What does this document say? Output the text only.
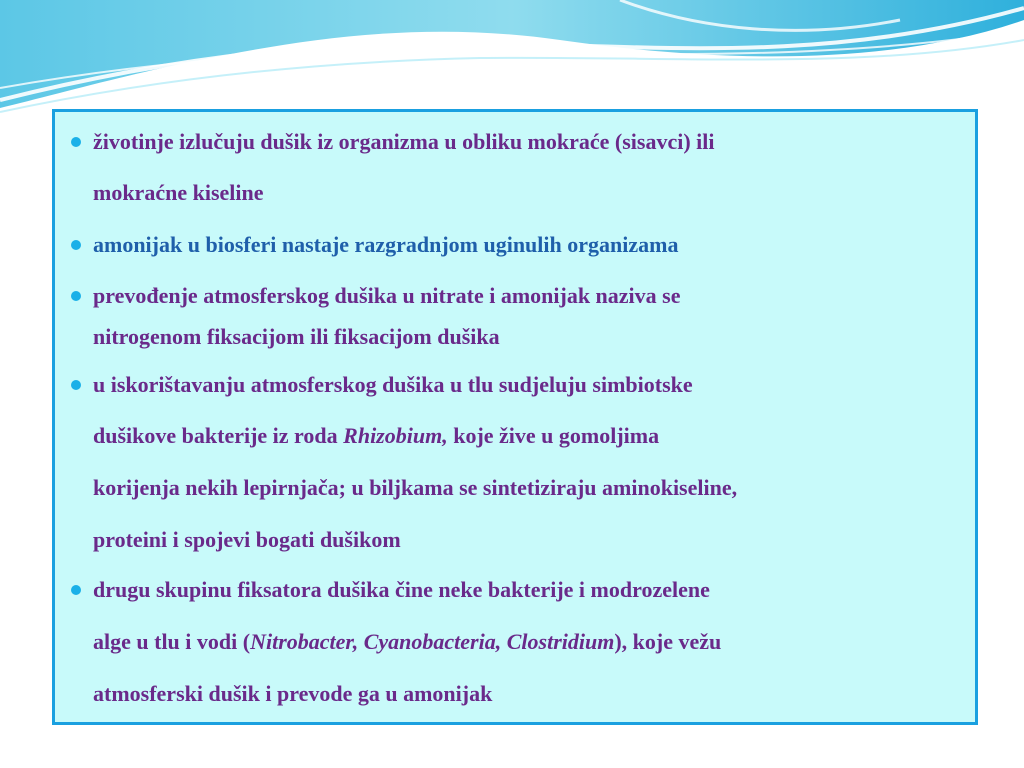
životinje izlučuju dušik iz organizma u obliku mokraće (sisavci) ili
mokraćne kiseline
amonijak u biosferi nastaje razgradnjom uginulih organizama
prevođenje atmosferskog dušika u nitrate i amonijak naziva se
nitrogenom fiksacijom ili fiksacijom dušika
u iskorištavanju atmosferskog dušika u tlu sudjeluju simbiotske
dušikove bakterije iz roda Rhizobium, koje žive u gomoljima
korijenja nekih lepirnjača; u biljkama se sintetiziraju aminokiseline,
proteini i spojevi bogati dušikom
drugu skupinu fiksatora dušika čine neke bakterije i modrozelene
alge u tlu i vodi (Nitrobacter, Cyanobacteria, Clostridium), koje vežu
atmosferski dušik i prevode ga u amonijak
